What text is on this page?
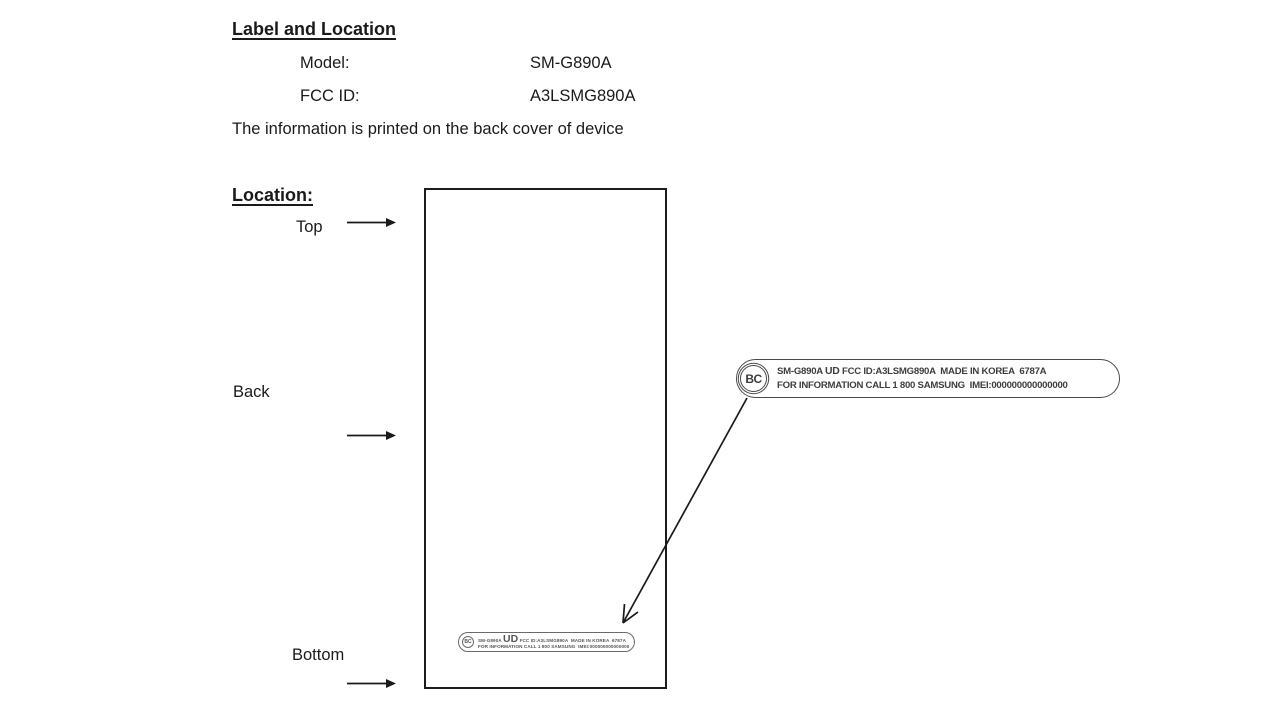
Label and Location
Model:	SM-G890A
FCC ID:	A3LSMG890A
The information is printed on the back cover of device
Location:
Top
Back
Bottom
BC	SM-G890A UD FCC ID:A3LSMG890A  MADE IN KOREA  6787A
FOR INFORMATION CALL 1 800 SAMSUNG  IMEI:000000000000000
BC	SM-G890A UD FCC ID:A3LSMG890A  MADE IN KOREA  6787A
FOR INFORMATION CALL 1 800 SAMSUNG  IMEI:000000000000000
